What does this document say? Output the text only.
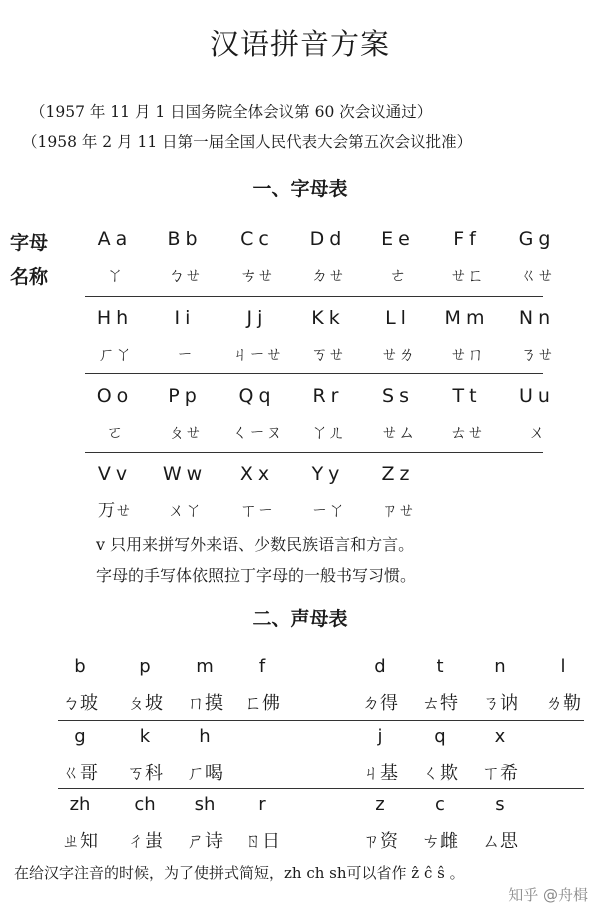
汉语拼音方案
（1957 年 11 月 1 日国务院全体会议第 60 次会议通过）
（1958 年 2 月 11 日第一届全国人民代表大会第五次会议批准）
一、字母表
字母
名称
Aa
ㄚ
Bb
ㄅㄝ
Cc
ㄘㄝ
Dd
ㄉㄝ
Ee
ㄜ
Ff
ㄝㄈ
Gg
ㄍㄝ
Hh
ㄏㄚ
Ii
ㄧ
Jj
ㄐㄧㄝ
Kk
ㄎㄝ
Ll
ㄝㄌ
Mm
ㄝㄇ
Nn
ㄋㄝ
Oo
ㄛ
Pp
ㄆㄝ
Qq
ㄑㄧㄡ
Rr
ㄚㄦ
Ss
ㄝㄙ
Tt
ㄊㄝ
Uu
ㄨ
Vv
ㄪㄝ
Ww
ㄨㄚ
Xx
ㄒㄧ
Yy
ㄧㄚ
Zz
ㄗㄝ
v 只用来拼写外来语、少数民族语言和方言。
字母的手写体依照拉丁字母的一般书写习惯。
二、声母表
b
ㄅ玻
p
ㄆ坡
m
ㄇ摸
f
ㄈ佛
d
ㄉ得
t
ㄊ特
n
ㄋ讷
l
ㄌ勒
g
ㄍ哥
k
ㄎ科
h
ㄏ喝
j
ㄐ基
q
ㄑ欺
x
ㄒ希
zh
ㄓ知
ch
ㄔ蚩
sh
ㄕ诗
r
ㄖ日
z
ㄗ资
c
ㄘ雌
s
ㄙ思
在给汉字注音的时候，为了使拼式简短，zh ch sh可以省作 ẑ ĉ ŝ 。
知乎 @舟楫
